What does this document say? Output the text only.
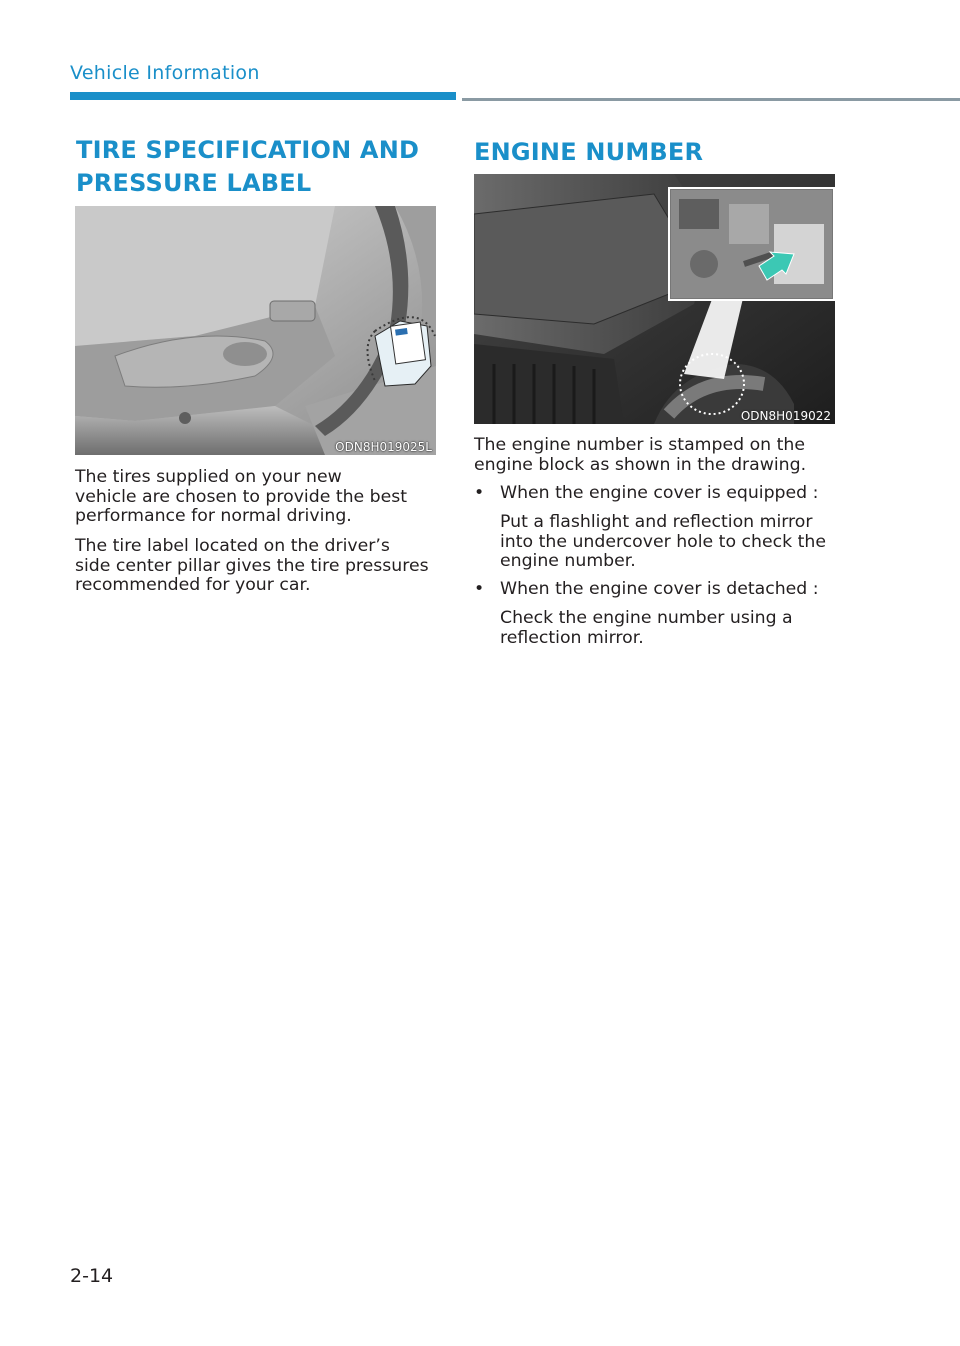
Vehicle Information
TIRE SPECIFICATION AND
PRESSURE LABEL
ODN8H019025L
The tires supplied on your new
vehicle are chosen to provide the best
performance for normal driving.
The tire label located on the driver’s
side center pillar gives the tire pressures
recommended for your car.
ENGINE NUMBER
ODN8H019022
The engine number is stamped on the
engine block as shown in the drawing.
• When the engine cover is equipped :
Put a flashlight and reflection mirror
into the undercover hole to check the
engine number.
• When the engine cover is detached :
Check the engine number using a
reflection mirror.
2-14
